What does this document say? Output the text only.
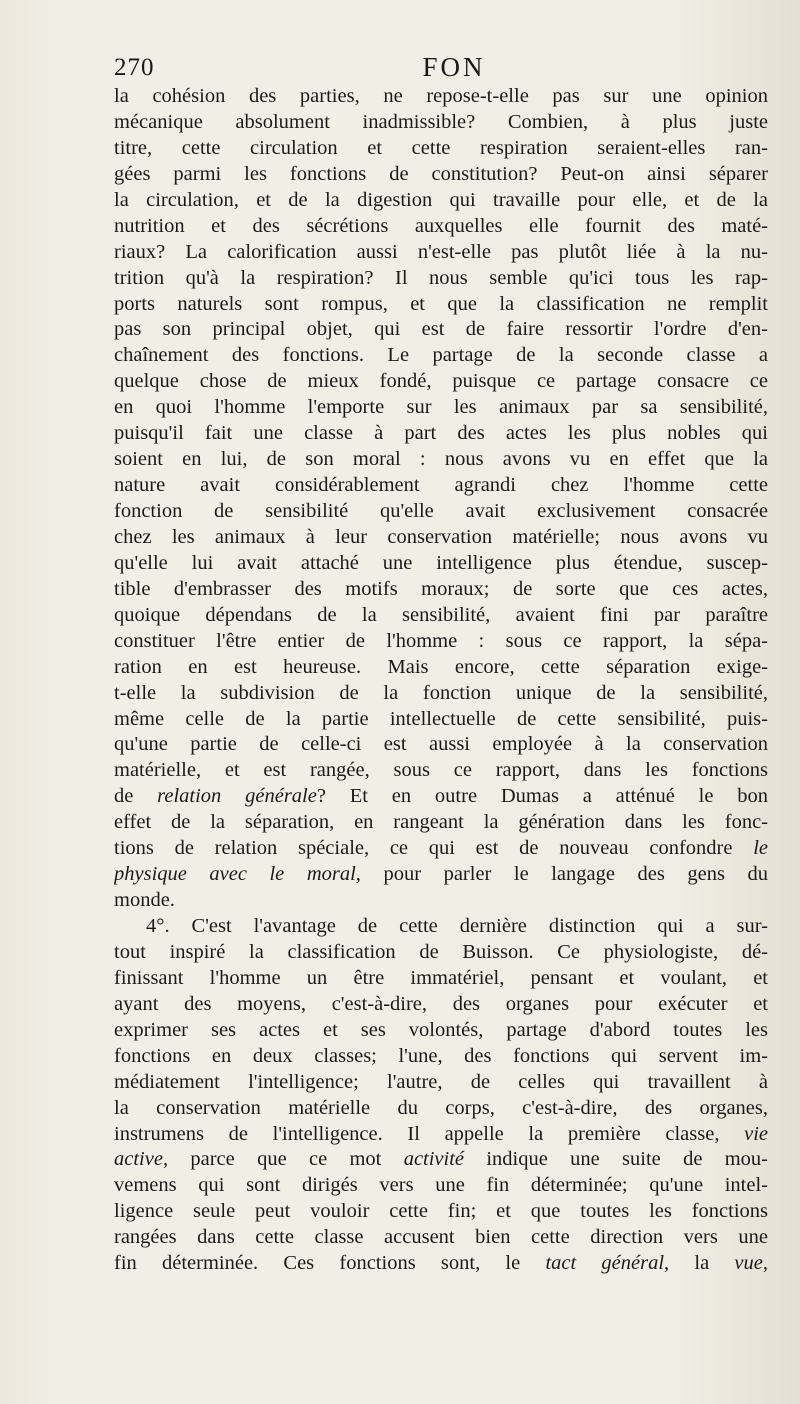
270	FON
la cohésion des parties, ne repose-t-elle pas sur une opinion
mécanique absolument inadmissible? Combien, à plus juste
titre, cette circulation et cette respiration seraient-elles ran-
gées parmi les fonctions de constitution? Peut-on ainsi séparer
la circulation, et de la digestion qui travaille pour elle, et de la
nutrition et des sécrétions auxquelles elle fournit des maté-
riaux? La calorification aussi n'est-elle pas plutôt liée à la nu-
trition qu'à la respiration? Il nous semble qu'ici tous les rap-
ports naturels sont rompus, et que la classification ne remplit
pas son principal objet, qui est de faire ressortir l'ordre d'en-
chaînement des fonctions. Le partage de la seconde classe a
quelque chose de mieux fondé, puisque ce partage consacre ce
en quoi l'homme l'emporte sur les animaux par sa sensibilité,
puisqu'il fait une classe à part des actes les plus nobles qui
soient en lui, de son moral : nous avons vu en effet que la
nature avait considérablement agrandi chez l'homme cette
fonction de sensibilité qu'elle avait exclusivement consacrée
chez les animaux à leur conservation matérielle; nous avons vu
qu'elle lui avait attaché une intelligence plus étendue, suscep-
tible d'embrasser des motifs moraux; de sorte que ces actes,
quoique dépendans de la sensibilité, avaient fini par paraître
constituer l'être entier de l'homme : sous ce rapport, la sépa-
ration en est heureuse. Mais encore, cette séparation exige-
t-elle la subdivision de la fonction unique de la sensibilité,
même celle de la partie intellectuelle de cette sensibilité, puis-
qu'une partie de celle-ci est aussi employée à la conservation
matérielle, et est rangée, sous ce rapport, dans les fonctions
de relation générale? Et en outre Dumas a atténué le bon
effet de la séparation, en rangeant la génération dans les fonc-
tions de relation spéciale, ce qui est de nouveau confondre le
physique avec le moral, pour parler le langage des gens du
monde.
4°. C'est l'avantage de cette dernière distinction qui a sur-
tout inspiré la classification de Buisson. Ce physiologiste, dé-
finissant l'homme un être immatériel, pensant et voulant, et
ayant des moyens, c'est-à-dire, des organes pour exécuter et
exprimer ses actes et ses volontés, partage d'abord toutes les
fonctions en deux classes; l'une, des fonctions qui servent im-
médiatement l'intelligence; l'autre, de celles qui travaillent à
la conservation matérielle du corps, c'est-à-dire, des organes,
instrumens de l'intelligence. Il appelle la première classe, vie
active, parce que ce mot activité indique une suite de mou-
vemens qui sont dirigés vers une fin déterminée; qu'une intel-
ligence seule peut vouloir cette fin; et que toutes les fonctions
rangées dans cette classe accusent bien cette direction vers une
fin déterminée. Ces fonctions sont, le tact général, la vue,
